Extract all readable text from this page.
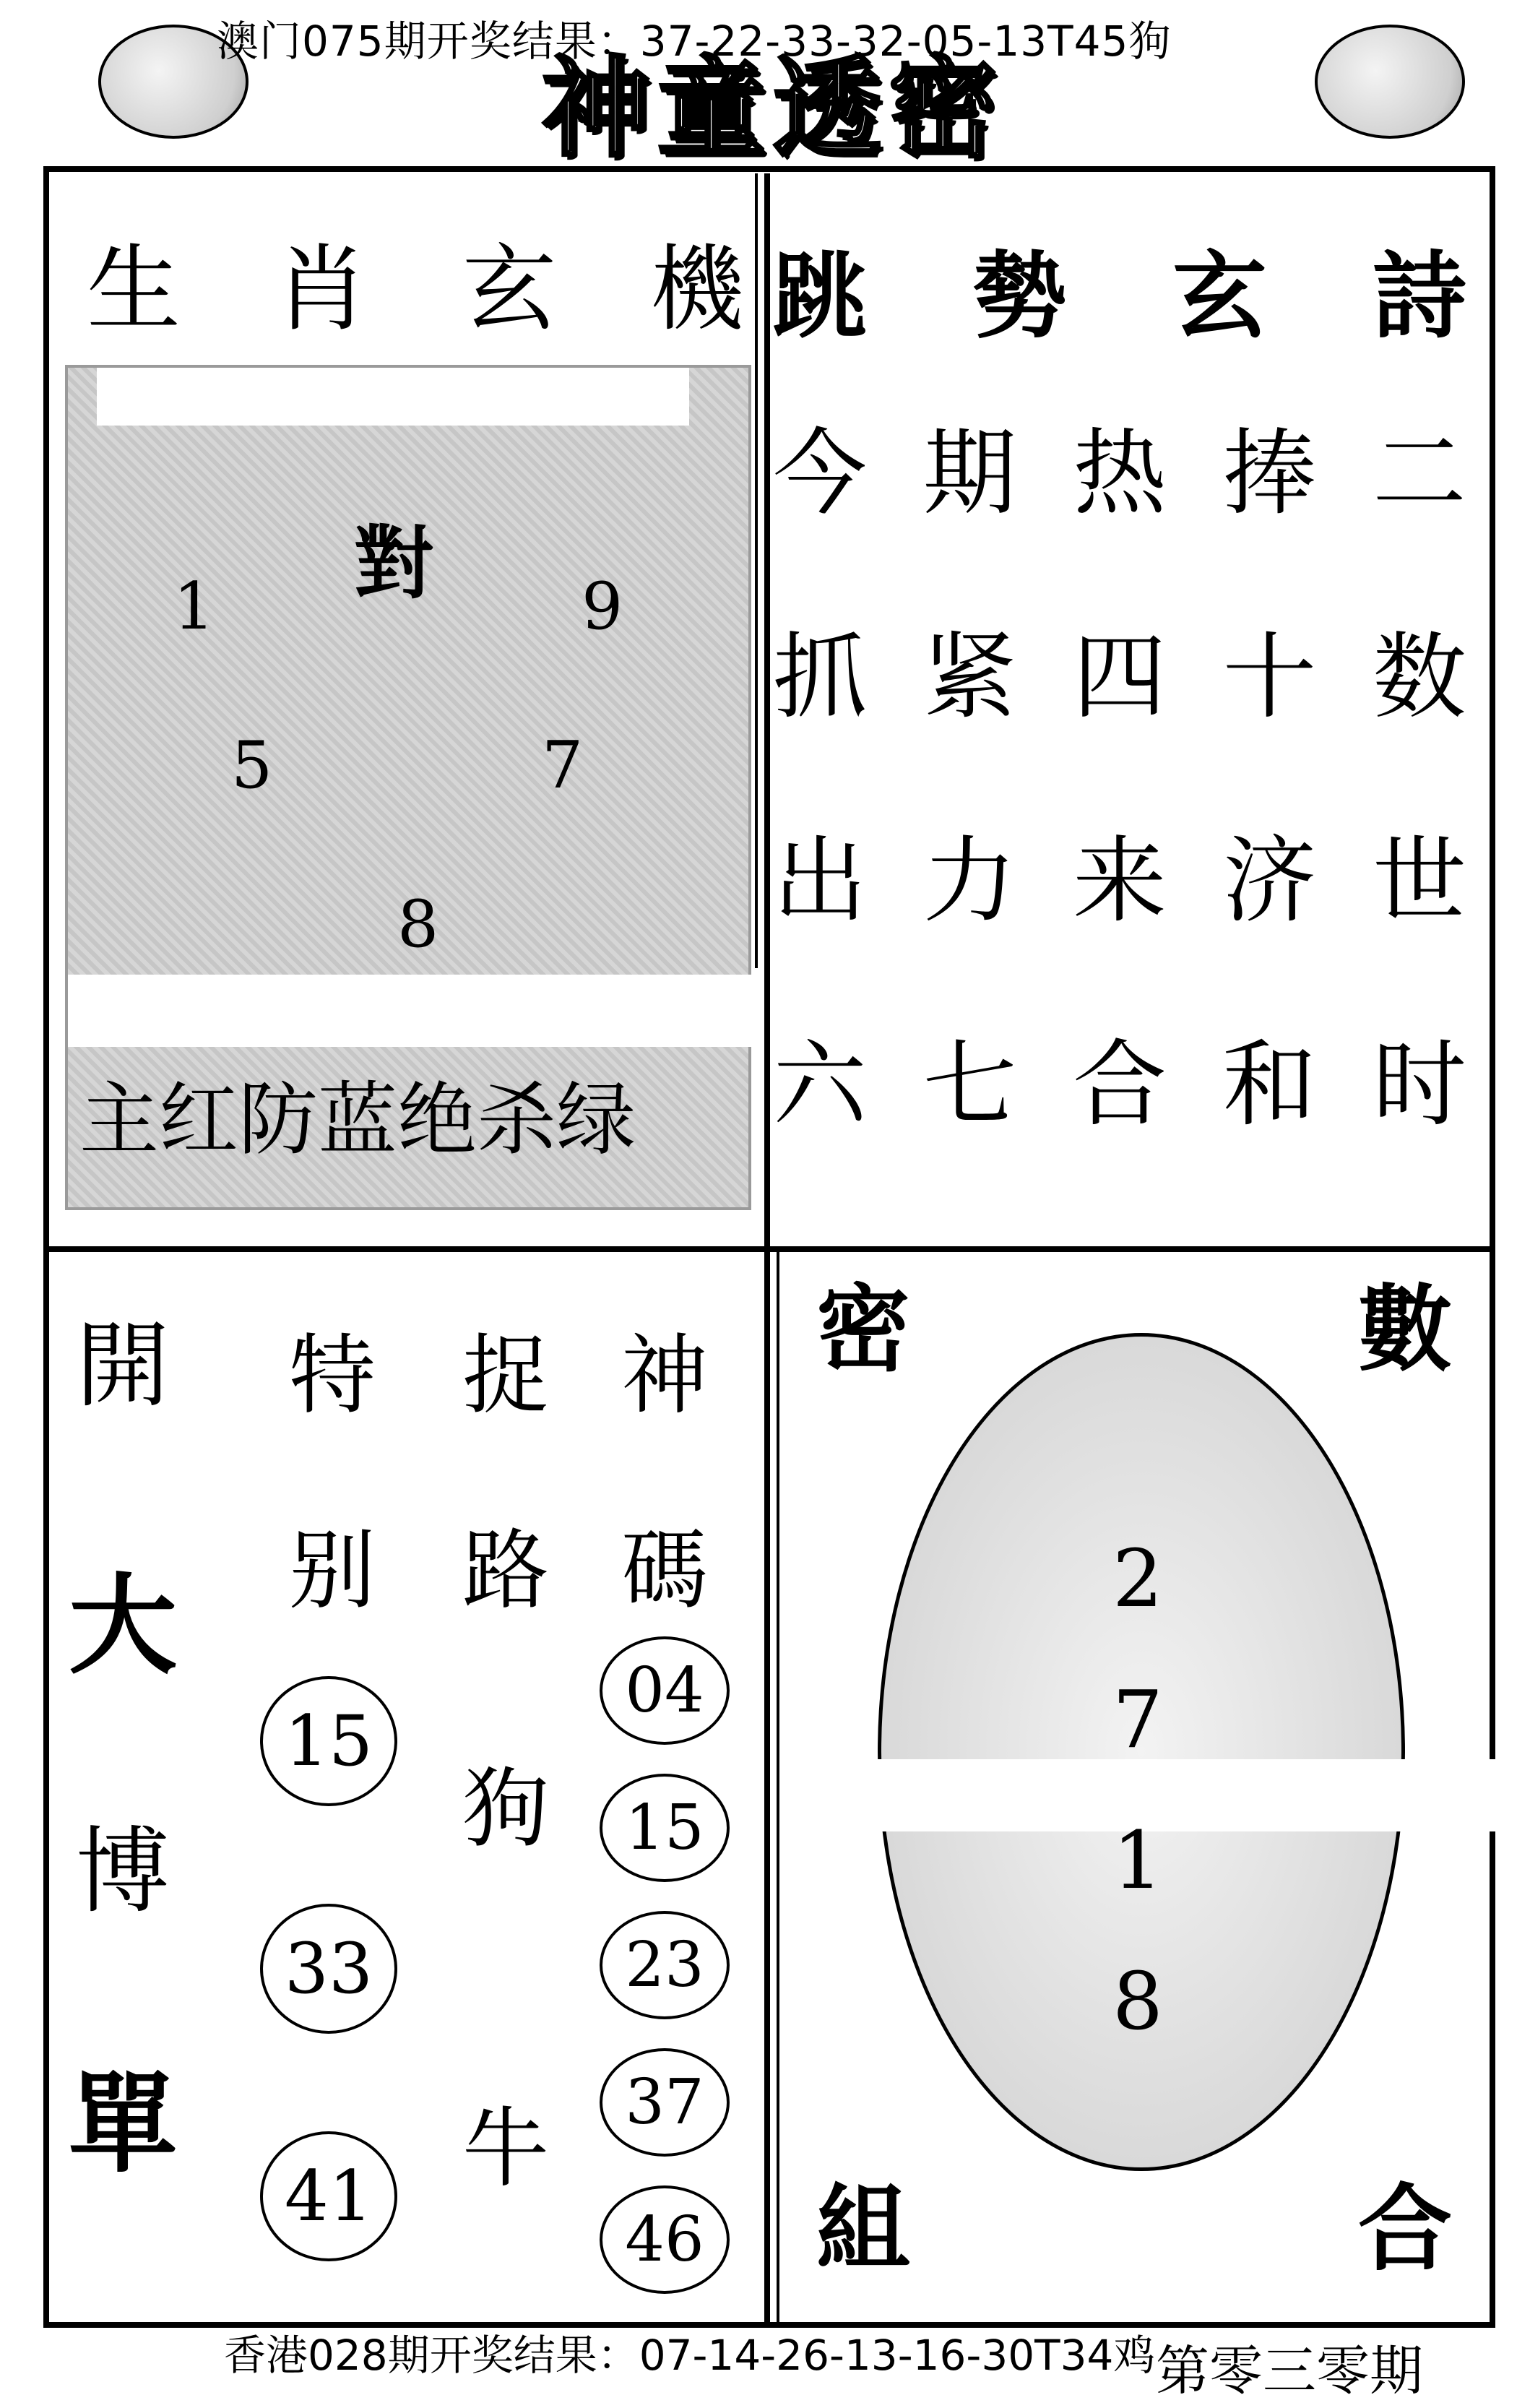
澳门075期开奖结果：37-22-33-32-05-13T45狗
神童透密
生 肖 玄 機
對
1	9
5	7
8
主红防蓝绝杀绿
跳 勢 玄 詩
今 期 热 捧 二
抓 紧 四 十 数
出 力 来 济 世
六 七 合 和 时
開
大
博
單
特 捉 神
别 路 碼
15
33
41
狗
牛
04
15
23
37
46
密	數
組	合
2
7
1
8
香港028期开奖结果：07-14-26-13-16-30T34鸡 第零三零期
